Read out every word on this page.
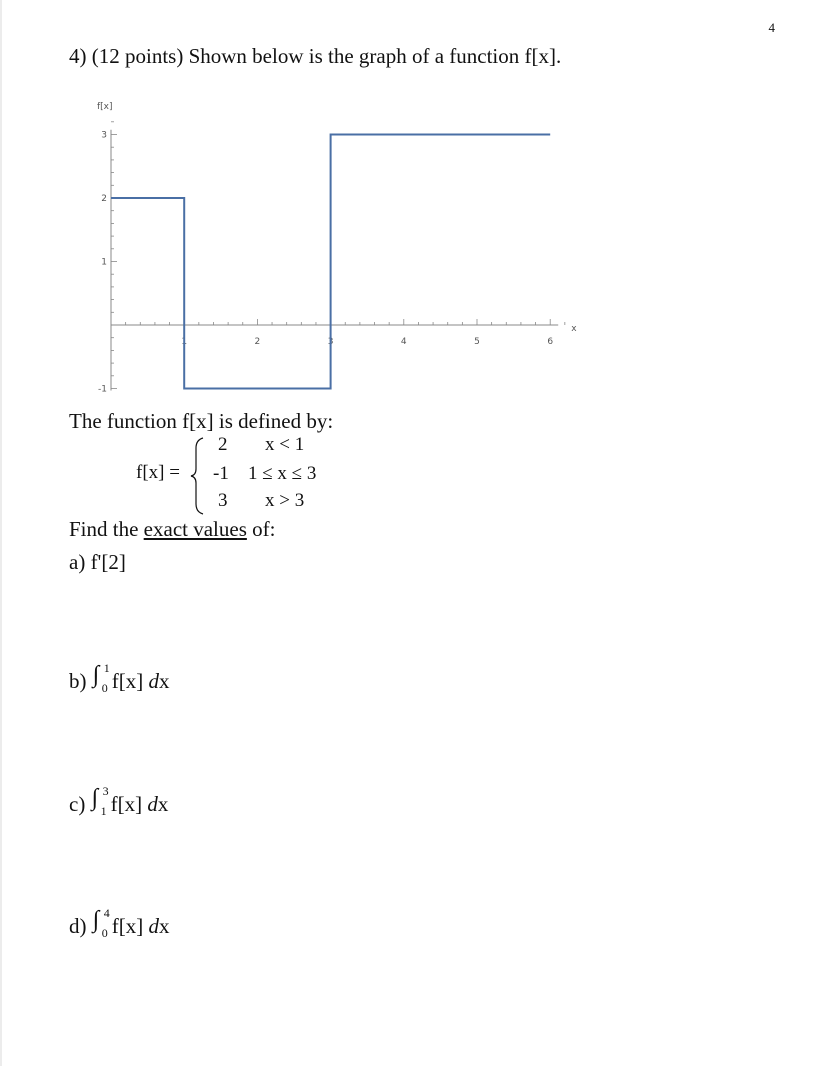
4
4) (12 points) Shown below is the graph of a function f[x].
1	2	3	4	5	6
3
2
1
-1
f[x]
x
The function f[x] is defined by:
f[x] =
2 x < 1
-1 1 ≤ x ≤ 3
3 x > 3
Find the exact values of:
a) f'[2]
b) ∫ 1
0 f[x] dx
c) ∫ 3
1 f[x] dx
d) ∫ 4
0 f[x] dx
